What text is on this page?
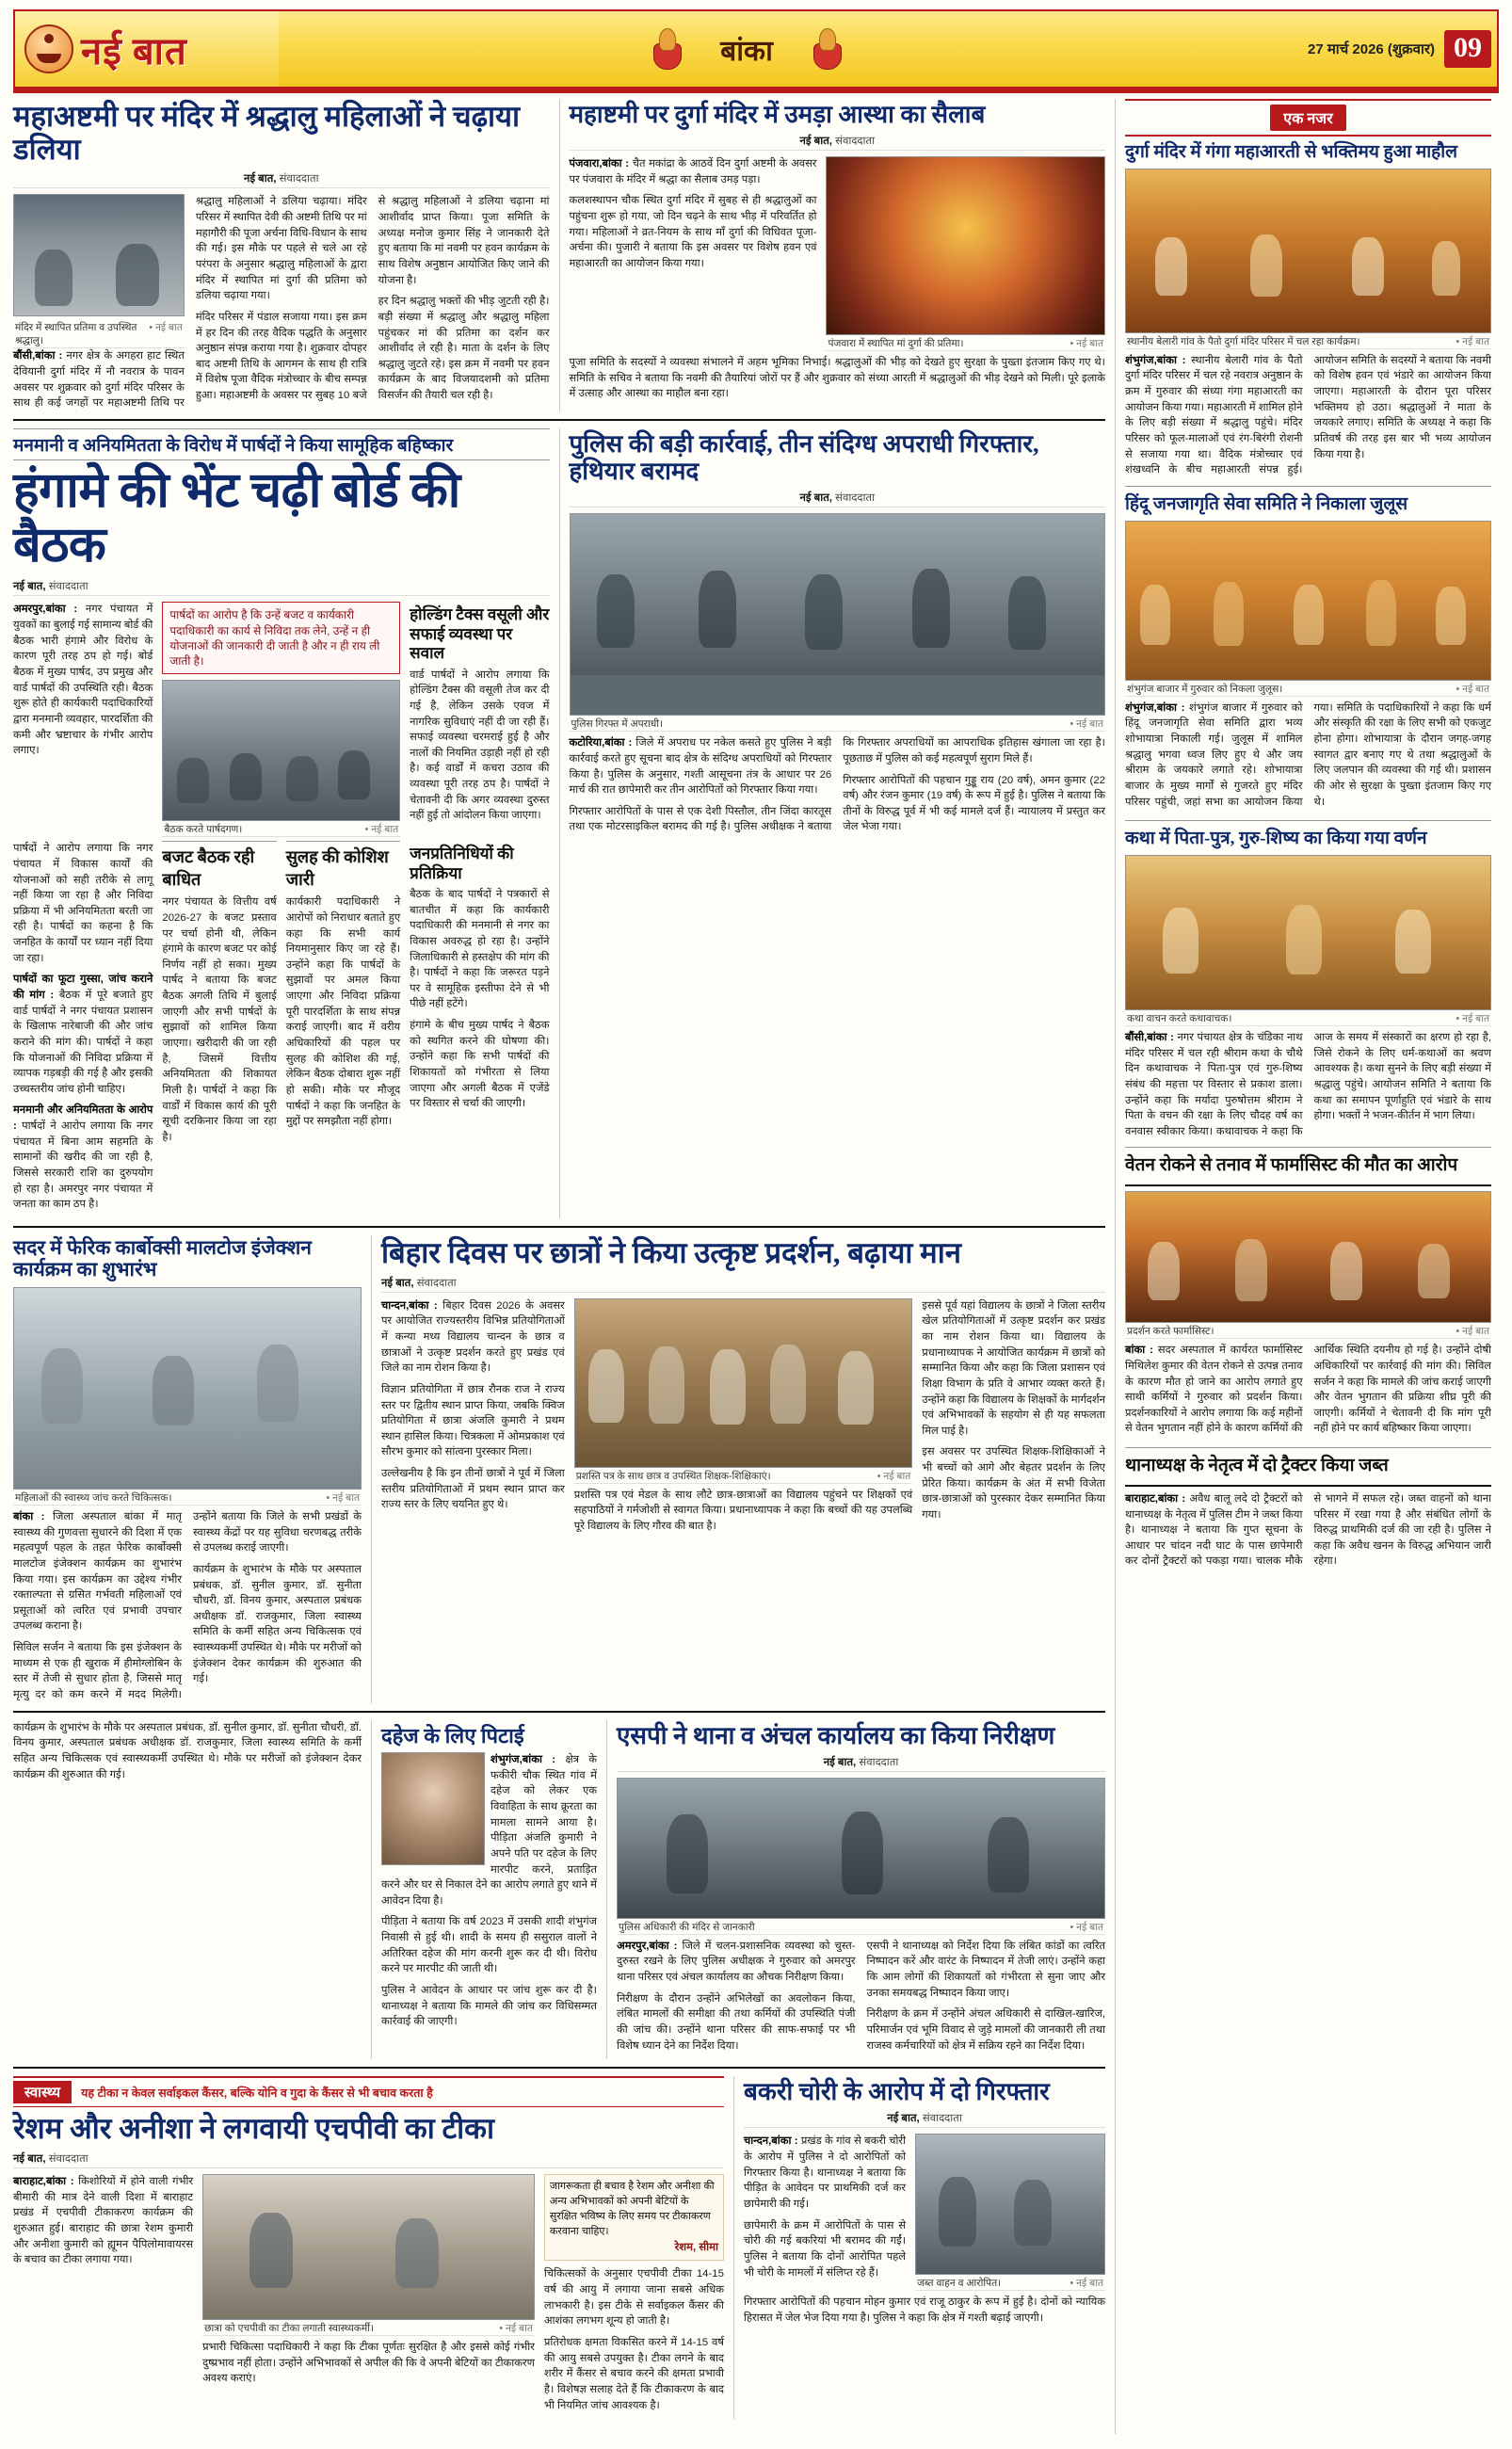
नई बात	बांका	27 मार्च 2026 (शुक्रवार) 09
महाअष्टमी पर मंदिर में श्रद्धालु महिलाओं ने चढ़ाया डलिया
नई बात, संवाददाता
मंदिर में स्थापित प्रतिमा व उपस्थित श्रद्धालु।
• नई बात

बौंसी,बांका : नगर क्षेत्र के अगहरा हाट स्थित देवियानी दुर्गा मंदिर में नौ नवरात्र के पावन अवसर पर शुक्रवार को दुर्गा मंदिर परिसर के साथ ही कई जगहों पर महाअष्टमी तिथि पर श्रद्धालु महिलाओं ने डलिया चढ़ाया। मंदिर परिसर में स्थापित देवी की अष्टमी तिथि पर मां महागौरी की पूजा अर्चना विधि-विधान के साथ की गई। इस मौके पर पहले से चले आ रहे परंपरा के अनुसार श्रद्धालु महिलाओं के द्वारा मंदिर में स्थापित मां दुर्गा की प्रतिमा को डलिया चढ़ाया गया।

मंदिर परिसर में पंडाल सजाया गया। इस क्रम में हर दिन की तरह वैदिक पद्धति के अनुसार अनुष्ठान संपन्न कराया गया है। शुक्रवार दोपहर बाद अष्टमी तिथि के आगमन के साथ ही रात्रि में विशेष पूजा वैदिक मंत्रोच्चार के बीच सम्पन्न हुआ। महाअष्टमी के अवसर पर सुबह 10 बजे से श्रद्धालु महिलाओं ने डलिया चढ़ाना मां आशीर्वाद प्राप्त किया। पूजा समिति के अध्यक्ष मनोज कुमार सिंह ने जानकारी देते हुए बताया कि मां नवमी पर हवन कार्यक्रम के साथ विशेष अनुष्ठान आयोजित किए जाने की योजना है।

हर दिन श्रद्धालु भक्तों की भीड़ जुटती रही है। बड़ी संख्या में श्रद्धालु और श्रद्धालु महिला पहुंचकर मां की प्रतिमा का दर्शन कर आशीर्वाद ले रही है। माता के दर्शन के लिए श्रद्धालु जुटते रहे। इस क्रम में नवमी पर हवन कार्यक्रम के बाद विजयादशमी को प्रतिमा विसर्जन की तैयारी चल रही है।

महाष्टमी पर दुर्गा मंदिर में उमड़ा आस्था का सैलाब
नई बात, संवाददाता

पंजवारा,बांका : चैत मकांद्रा के आठवें दिन दुर्गा अष्टमी के अवसर पर पंजवारा के मंदिर में श्रद्धा का सैलाब उमड़ पड़ा।

कलशस्थापन चौक स्थित दुर्गा मंदिर में सुबह से ही श्रद्धालुओं का पहुंचना शुरू हो गया, जो दिन चढ़ने के साथ भीड़ में परिवर्तित हो गया। महिलाओं ने व्रत-नियम के साथ माँ दुर्गा की विधिवत पूजा-अर्चना की। पुजारी ने बताया कि इस अवसर पर विशेष हवन एवं महाआरती का आयोजन किया गया।

पंजवारा में स्थापित मां दुर्गा की प्रतिमा।	• नई बात

पूजा समिति के सदस्यों ने व्यवस्था संभालने में अहम भूमिका निभाई। श्रद्धालुओं की भीड़ को देखते हुए सुरक्षा के पुख्ता इंतजाम किए गए थे। समिति के सचिव ने बताया कि नवमी की तैयारियां जोरों पर हैं और शुक्रवार को संध्या आरती में श्रद्धालुओं की भीड़ देखने को मिली। पूरे इलाके में उत्साह और आस्था का माहौल बना रहा।

मनमानी व अनियमितता के विरोध में पार्षदों ने किया सामूहिक बहिष्कार
हंगामे की भेंट चढ़ी बोर्ड की बैठक
नई बात, संवाददाता

अमरपुर,बांका : नगर पंचायत में युवकों का बुलाई गई सामान्य बोर्ड की बैठक भारी हंगामे और विरोध के कारण पूरी तरह ठप हो गई। बोर्ड बैठक में मुख्य पार्षद, उप प्रमुख और वार्ड पार्षदों की उपस्थिति रही। बैठक शुरू होते ही कार्यकारी पदाधिकारियों द्वारा मनमानी व्यवहार, पारदर्शिता की कमी और भ्रष्टाचार के गंभीर आरोप लगाए।

पार्षदों का आरोप है कि उन्हें बजट व कार्यकारी पदाधिकारी का कार्य से निविदा तक लेने, उन्हें न ही योजनाओं की जानकारी दी जाती है और न ही राय ली जाती है।
बैठक करते पार्षदगण।	• नई बात
होल्डिंग टैक्स वसूली और सफाई व्यवस्था पर सवाल

वार्ड पार्षदों ने आरोप लगाया कि होल्डिंग टैक्स की वसूली तेज कर दी गई है, लेकिन उसके एवज में नागरिक सुविधाएं नहीं दी जा रही हैं। सफाई व्यवस्था चरमराई हुई है और नालों की नियमित उड़ाही नहीं हो रही है। कई वार्डों में कचरा उठाव की व्यवस्था पूरी तरह ठप है। पार्षदों ने चेतावनी दी कि अगर व्यवस्था दुरुस्त नहीं हुई तो आंदोलन किया जाएगा।

पार्षदों ने आरोप लगाया कि नगर पंचायत में विकास कार्यों की योजनाओं को सही तरीके से लागू नहीं किया जा रहा है और निविदा प्रक्रिया में भी अनियमितता बरती जा रही है। पार्षदों का कहना है कि जनहित के कार्यों पर ध्यान नहीं दिया जा रहा।

पार्षदों का फूटा गुस्सा, जांच कराने की मांग : बैठक में पूरे बजाते हुए वार्ड पार्षदों ने नगर पंचायत प्रशासन के खिलाफ नारेबाजी की और जांच कराने की मांग की। पार्षदों ने कहा कि योजनाओं की निविदा प्रक्रिया में व्यापक गड़बड़ी की गई है और इसकी उच्चस्तरीय जांच होनी चाहिए।

मनमानी और अनियमितता के आरोप : पार्षदों ने आरोप लगाया कि नगर पंचायत में बिना आम सहमति के सामानों की खरीद की जा रही है, जिससे सरकारी राशि का दुरुपयोग हो रहा है। अमरपुर नगर पंचायत में जनता का काम ठप है।

बजट बैठक रही बाधित

नगर पंचायत के वित्तीय वर्ष 2026-27 के बजट प्रस्ताव पर चर्चा होनी थी, लेकिन हंगामे के कारण बजट पर कोई निर्णय नहीं हो सका। मुख्य पार्षद ने बताया कि बजट बैठक अगली तिथि में बुलाई जाएगी और सभी पार्षदों के सुझावों को शामिल किया जाएगा। खरीदारी की जा रही है, जिसमें वित्तीय अनियमितता की शिकायत मिली है। पार्षदों ने कहा कि वार्डों में विकास कार्य की पूरी सूची दरकिनार किया जा रहा है।

सुलह की कोशिश जारी

कार्यकारी पदाधिकारी ने आरोपों को निराधार बताते हुए कहा कि सभी कार्य नियमानुसार किए जा रहे हैं। उन्होंने कहा कि पार्षदों के सुझावों पर अमल किया जाएगा और निविदा प्रक्रिया पूरी पारदर्शिता के साथ संपन्न कराई जाएगी। बाद में वरीय अधिकारियों की पहल पर सुलह की कोशिश की गई, लेकिन बैठक दोबारा शुरू नहीं हो सकी। मौके पर मौजूद पार्षदों ने कहा कि जनहित के मुद्दों पर समझौता नहीं होगा।

जनप्रतिनिधियों की प्रतिक्रिया

बैठक के बाद पार्षदों ने पत्रकारों से बातचीत में कहा कि कार्यकारी पदाधिकारी की मनमानी से नगर का विकास अवरुद्ध हो रहा है। उन्होंने जिलाधिकारी से हस्तक्षेप की मांग की है। पार्षदों ने कहा कि जरूरत पड़ने पर वे सामूहिक इस्तीफा देने से भी पीछे नहीं हटेंगे।

हंगामे के बीच मुख्य पार्षद ने बैठक को स्थगित करने की घोषणा की। उन्होंने कहा कि सभी पार्षदों की शिकायतों को गंभीरता से लिया जाएगा और अगली बैठक में एजेंडे पर विस्तार से चर्चा की जाएगी।

पुलिस की बड़ी कार्रवाई, तीन संदिग्ध अपराधी गिरफ्तार, हथियार बरामद
नई बात, संवाददाता
पुलिस गिरफ्त में अपराधी।	• नई बात

कटोरिया,बांका : जिले में अपराध पर नकेल कसते हुए पुलिस ने बड़ी कार्रवाई करते हुए सूचना बाद क्षेत्र के संदिग्ध अपराधियों को गिरफ्तार किया है। पुलिस के अनुसार, गश्ती आसूचना तंत्र के आधार पर 26 मार्च की रात छापेमारी कर तीन आरोपितों को गिरफ्तार किया गया।

गिरफ्तार आरोपितों के पास से एक देशी पिस्तौल, तीन जिंदा कारतूस तथा एक मोटरसाइकिल बरामद की गई है। पुलिस अधीक्षक ने बताया कि गिरफ्तार अपराधियों का आपराधिक इतिहास खंगाला जा रहा है। पूछताछ में पुलिस को कई महत्वपूर्ण सुराग मिले हैं।

गिरफ्तार आरोपितों की पहचान गुड्डू राय (20 वर्ष), अमन कुमार (22 वर्ष) और रंजन कुमार (19 वर्ष) के रूप में हुई है। पुलिस ने बताया कि तीनों के विरुद्ध पूर्व में भी कई मामले दर्ज हैं। न्यायालय में प्रस्तुत कर जेल भेजा गया।

सदर में फेरिक कार्बोक्सी मालटोज इंजेक्शन कार्यक्रम का शुभारंभ
महिलाओं की स्वास्थ्य जांच करते चिकित्सक।	• नई बात

बांका : जिला अस्पताल बांका में मातृ स्वास्थ्य की गुणवत्ता सुधारने की दिशा में एक महत्वपूर्ण पहल के तहत फेरिक कार्बोक्सी मालटोज इंजेक्शन कार्यक्रम का शुभारंभ किया गया। इस कार्यक्रम का उद्देश्य गंभीर रक्ताल्पता से ग्रसित गर्भवती महिलाओं एवं प्रसूताओं को त्वरित एवं प्रभावी उपचार उपलब्ध कराना है।

सिविल सर्जन ने बताया कि इस इंजेक्शन के माध्यम से एक ही खुराक में हीमोग्लोबिन के स्तर में तेजी से सुधार होता है, जिससे मातृ मृत्यु दर को कम करने में मदद मिलेगी। उन्होंने बताया कि जिले के सभी प्रखंडों के स्वास्थ्य केंद्रों पर यह सुविधा चरणबद्ध तरीके से उपलब्ध कराई जाएगी।

कार्यक्रम के शुभारंभ के मौके पर अस्पताल प्रबंधक, डॉ. सुनील कुमार, डॉ. सुनीता चौधरी, डॉ. विनय कुमार, अस्पताल प्रबंधक अधीक्षक डॉ. राजकुमार, जिला स्वास्थ्य समिति के कर्मी सहित अन्य चिकित्सक एवं स्वास्थ्यकर्मी उपस्थित थे। मौके पर मरीजों को इंजेक्शन देकर कार्यक्रम की शुरुआत की गई।

बिहार दिवस पर छात्रों ने किया उत्कृष्ट प्रदर्शन, बढ़ाया मान
नई बात, संवाददाता

चान्दन,बांका : बिहार दिवस 2026 के अवसर पर आयोजित राज्यस्तरीय विभिन्न प्रतियोगिताओं में कन्या मध्य विद्यालय चान्दन के छात्र व छात्राओं ने उत्कृष्ट प्रदर्शन करते हुए प्रखंड एवं जिले का नाम रोशन किया है।

विज्ञान प्रतियोगिता में छात्र रौनक राज ने राज्य स्तर पर द्वितीय स्थान प्राप्त किया, जबकि क्विज प्रतियोगिता में छात्रा अंजलि कुमारी ने प्रथम स्थान हासिल किया। चित्रकला में ओमप्रकाश एवं सौरभ कुमार को सांत्वना पुरस्कार मिला।

उल्लेखनीय है कि इन तीनों छात्रों ने पूर्व में जिला स्तरीय प्रतियोगिताओं में प्रथम स्थान प्राप्त कर राज्य स्तर के लिए चयनित हुए थे।

प्रशस्ति पत्र के साथ छात्र व उपस्थित शिक्षक-शिक्षिकाएं।	• नई बात

प्रशस्ति पत्र एवं मेडल के साथ लौटे छात्र-छात्राओं का विद्यालय पहुंचने पर शिक्षकों एवं सहपाठियों ने गर्मजोशी से स्वागत किया। प्रधानाध्यापक ने कहा कि बच्चों की यह उपलब्धि पूरे विद्यालय के लिए गौरव की बात है।

इससे पूर्व यहां विद्यालय के छात्रों ने जिला स्तरीय खेल प्रतियोगिताओं में उत्कृष्ट प्रदर्शन कर प्रखंड का नाम रोशन किया था। विद्यालय के प्रधानाध्यापक ने आयोजित कार्यक्रम में छात्रों को सम्मानित किया और कहा कि जिला प्रशासन एवं शिक्षा विभाग के प्रति वे आभार व्यक्त करते हैं। उन्होंने कहा कि विद्यालय के शिक्षकों के मार्गदर्शन एवं अभिभावकों के सहयोग से ही यह सफलता मिल पाई है।

इस अवसर पर उपस्थित शिक्षक-शिक्षिकाओं ने भी बच्चों को आगे और बेहतर प्रदर्शन के लिए प्रेरित किया। कार्यक्रम के अंत में सभी विजेता छात्र-छात्राओं को पुरस्कार देकर सम्मानित किया गया।

कार्यक्रम के शुभारंभ के मौके पर अस्पताल प्रबंधक, डॉ. सुनील कुमार, डॉ. सुनीता चौधरी, डॉ. विनय कुमार, अस्पताल प्रबंधक अधीक्षक डॉ. राजकुमार, जिला स्वास्थ्य समिति के कर्मी सहित अन्य चिकित्सक एवं स्वास्थ्यकर्मी उपस्थित थे। मौके पर मरीजों को इंजेक्शन देकर कार्यक्रम की शुरुआत की गई।

दहेज के लिए पिटाई

शंभुगंज,बांका : क्षेत्र के फकीरी चौक स्थित गांव में दहेज को लेकर एक विवाहिता के साथ क्रूरता का मामला सामने आया है। पीड़िता अंजलि कुमारी ने अपने पति पर दहेज के लिए मारपीट करने, प्रताड़ित करने और घर से निकाल देने का आरोप लगाते हुए थाने में आवेदन दिया है।

पीड़िता ने बताया कि वर्ष 2023 में उसकी शादी शंभुगंज निवासी से हुई थी। शादी के समय ही ससुराल वालों ने अतिरिक्त दहेज की मांग करनी शुरू कर दी थी। विरोध करने पर मारपीट की जाती थी।

पुलिस ने आवेदन के आधार पर जांच शुरू कर दी है। थानाध्यक्ष ने बताया कि मामले की जांच कर विधिसम्मत कार्रवाई की जाएगी।

एसपी ने थाना व अंचल कार्यालय का किया निरीक्षण
नई बात, संवाददाता
पुलिस अधिकारी की मंदिर से जानकारी	• नई बात

अमरपुर,बांका : जिले में चलन-प्रशासनिक व्यवस्था को चुस्त-दुरुस्त रखने के लिए पुलिस अधीक्षक ने गुरुवार को अमरपुर थाना परिसर एवं अंचल कार्यालय का औचक निरीक्षण किया।

निरीक्षण के दौरान उन्होंने अभिलेखों का अवलोकन किया, लंबित मामलों की समीक्षा की तथा कर्मियों की उपस्थिति पंजी की जांच की। उन्होंने थाना परिसर की साफ-सफाई पर भी विशेष ध्यान देने का निर्देश दिया।

एसपी ने थानाध्यक्ष को निर्देश दिया कि लंबित कांडों का त्वरित निष्पादन करें और वारंट के निष्पादन में तेजी लाएं। उन्होंने कहा कि आम लोगों की शिकायतों को गंभीरता से सुना जाए और उनका समयबद्ध निष्पादन किया जाए।

निरीक्षण के क्रम में उन्होंने अंचल अधिकारी से दाखिल-खारिज, परिमार्जन एवं भूमि विवाद से जुड़े मामलों की जानकारी ली तथा राजस्व कर्मचारियों को क्षेत्र में सक्रिय रहने का निर्देश दिया।

स्वास्थ्य	यह टीका न केवल सर्वाइकल कैंसर, बल्कि योनि व गुदा के कैंसर से भी बचाव करता है
रेशम और अनीशा ने लगवायी एचपीवी का टीका
नई बात, संवाददाता

बाराहाट,बांका : किशोरियों में होने वाली गंभीर बीमारी की मात्र देने वाली दिशा में बाराहाट प्रखंड में एचपीवी टीकाकरण कार्यक्रम की शुरुआत हुई। बाराहाट की छात्रा रेशम कुमारी और अनीशा कुमारी को ह्यूमन पैपिलोमावायरस के बचाव का टीका लगाया गया।

छात्रा को एचपीवी का टीका लगाती स्वास्थ्यकर्मी।	• नई बात

प्रभारी चिकित्सा पदाधिकारी ने कहा कि टीका पूर्णतः सुरक्षित है और इससे कोई गंभीर दुष्प्रभाव नहीं होता। उन्होंने अभिभावकों से अपील की कि वे अपनी बेटियों का टीकाकरण अवश्य कराएं।

जागरूकता ही बचाव है रेशम और अनीशा की अन्य अभिभावकों को अपनी बेटियों के सुरक्षित भविष्य के लिए समय पर टीकाकरण करवाना चाहिए।
रेशम, सीमा

चिकित्सकों के अनुसार एचपीवी टीका 14-15 वर्ष की आयु में लगाया जाना सबसे अधिक लाभकारी है। इस टीके से सर्वाइकल कैंसर की आशंका लगभग शून्य हो जाती है।

प्रतिरोधक क्षमता विकसित करने में 14-15 वर्ष की आयु सबसे उपयुक्त है। टीका लगने के बाद शरीर में कैंसर से बचाव करने की क्षमता प्रभावी है। विशेषज्ञ सलाह देते हैं कि टीकाकरण के बाद भी नियमित जांच आवश्यक है।

बकरी चोरी के आरोप में दो गिरफ्तार
नई बात, संवाददाता

चान्दन,बांका : प्रखंड के गांव से बकरी चोरी के आरोप में पुलिस ने दो आरोपितों को गिरफ्तार किया है। थानाध्यक्ष ने बताया कि पीड़ित के आवेदन पर प्राथमिकी दर्ज कर छापेमारी की गई।

छापेमारी के क्रम में आरोपितों के पास से चोरी की गई बकरियां भी बरामद की गईं। पुलिस ने बताया कि दोनों आरोपित पहले भी चोरी के मामलों में संलिप्त रहे हैं।

जब्त वाहन व आरोपित।	• नई बात

गिरफ्तार आरोपितों की पहचान मोहन कुमार एवं राजू ठाकुर के रूप में हुई है। दोनों को न्यायिक हिरासत में जेल भेज दिया गया है। पुलिस ने कहा कि क्षेत्र में गश्ती बढ़ाई जाएगी।

एक नजर
दुर्गा मंदिर में गंगा महाआरती से भक्तिमय हुआ माहौल
स्थानीय बेलारी गांव के पैतो दुर्गा मंदिर परिसर में चल रहा कार्यक्रम।	• नई बात

शंभुगंज,बांका : स्थानीय बेलारी गांव के पैतो दुर्गा मंदिर परिसर में चल रहे नवरात्र अनुष्ठान के क्रम में गुरुवार की संध्या गंगा महाआरती का आयोजन किया गया। महाआरती में शामिल होने के लिए बड़ी संख्या में श्रद्धालु पहुंचे। मंदिर परिसर को फूल-मालाओं एवं रंग-बिरंगी रोशनी से सजाया गया था। वैदिक मंत्रोच्चार एवं शंखध्वनि के बीच महाआरती संपन्न हुई। आयोजन समिति के सदस्यों ने बताया कि नवमी को विशेष हवन एवं भंडारे का आयोजन किया जाएगा। महाआरती के दौरान पूरा परिसर भक्तिमय हो उठा। श्रद्धालुओं ने माता के जयकारे लगाए। समिति के अध्यक्ष ने कहा कि प्रतिवर्ष की तरह इस बार भी भव्य आयोजन किया गया है।

हिंदू जनजागृति सेवा समिति ने निकाला जुलूस
शंभुगंज बाजार में गुरुवार को निकला जुलूस।	• नई बात

शंभुगंज,बांका : शंभुगंज बाजार में गुरुवार को हिंदू जनजागृति सेवा समिति द्वारा भव्य शोभायात्रा निकाली गई। जुलूस में शामिल श्रद्धालु भगवा ध्वज लिए हुए थे और जय श्रीराम के जयकारे लगाते रहे। शोभायात्रा बाजार के मुख्य मार्गों से गुजरते हुए मंदिर परिसर पहुंची, जहां सभा का आयोजन किया गया। समिति के पदाधिकारियों ने कहा कि धर्म और संस्कृति की रक्षा के लिए सभी को एकजुट होना होगा। शोभायात्रा के दौरान जगह-जगह स्वागत द्वार बनाए गए थे तथा श्रद्धालुओं के लिए जलपान की व्यवस्था की गई थी। प्रशासन की ओर से सुरक्षा के पुख्ता इंतजाम किए गए थे।

कथा में पिता-पुत्र, गुरु-शिष्य का किया गया वर्णन
कथा वाचन करते कथावाचक।	• नई बात

बौंसी,बांका : नगर पंचायत क्षेत्र के चंडिका नाथ मंदिर परिसर में चल रही श्रीराम कथा के चौथे दिन कथावाचक ने पिता-पुत्र एवं गुरु-शिष्य संबंध की महत्ता पर विस्तार से प्रकाश डाला। उन्होंने कहा कि मर्यादा पुरुषोत्तम श्रीराम ने पिता के वचन की रक्षा के लिए चौदह वर्ष का वनवास स्वीकार किया। कथावाचक ने कहा कि आज के समय में संस्कारों का क्षरण हो रहा है, जिसे रोकने के लिए धर्म-कथाओं का श्रवण आवश्यक है। कथा सुनने के लिए बड़ी संख्या में श्रद्धालु पहुंचे। आयोजन समिति ने बताया कि कथा का समापन पूर्णाहुति एवं भंडारे के साथ होगा। भक्तों ने भजन-कीर्तन में भाग लिया।

वेतन रोकने से तनाव में फार्मासिस्ट की मौत का आरोप
प्रदर्शन करते फार्मासिस्ट।	• नई बात

बांका : सदर अस्पताल में कार्यरत फार्मासिस्ट मिथिलेश कुमार की वेतन रोकने से उत्पन्न तनाव के कारण मौत हो जाने का आरोप लगाते हुए साथी कर्मियों ने गुरुवार को प्रदर्शन किया। प्रदर्शनकारियों ने आरोप लगाया कि कई महीनों से वेतन भुगतान नहीं होने के कारण कर्मियों की आर्थिक स्थिति दयनीय हो गई है। उन्होंने दोषी अधिकारियों पर कार्रवाई की मांग की। सिविल सर्जन ने कहा कि मामले की जांच कराई जाएगी और वेतन भुगतान की प्रक्रिया शीघ्र पूरी की जाएगी। कर्मियों ने चेतावनी दी कि मांग पूरी नहीं होने पर कार्य बहिष्कार किया जाएगा।

थानाध्यक्ष के नेतृत्व में दो ट्रैक्टर किया जब्त

बाराहाट,बांका : अवैध बालू लदे दो ट्रैक्टरों को थानाध्यक्ष के नेतृत्व में पुलिस टीम ने जब्त किया है। थानाध्यक्ष ने बताया कि गुप्त सूचना के आधार पर चांदन नदी घाट के पास छापेमारी कर दोनों ट्रैक्टरों को पकड़ा गया। चालक मौके से भागने में सफल रहे। जब्त वाहनों को थाना परिसर में रखा गया है और संबंधित लोगों के विरुद्ध प्राथमिकी दर्ज की जा रही है। पुलिस ने कहा कि अवैध खनन के विरुद्ध अभियान जारी रहेगा।
